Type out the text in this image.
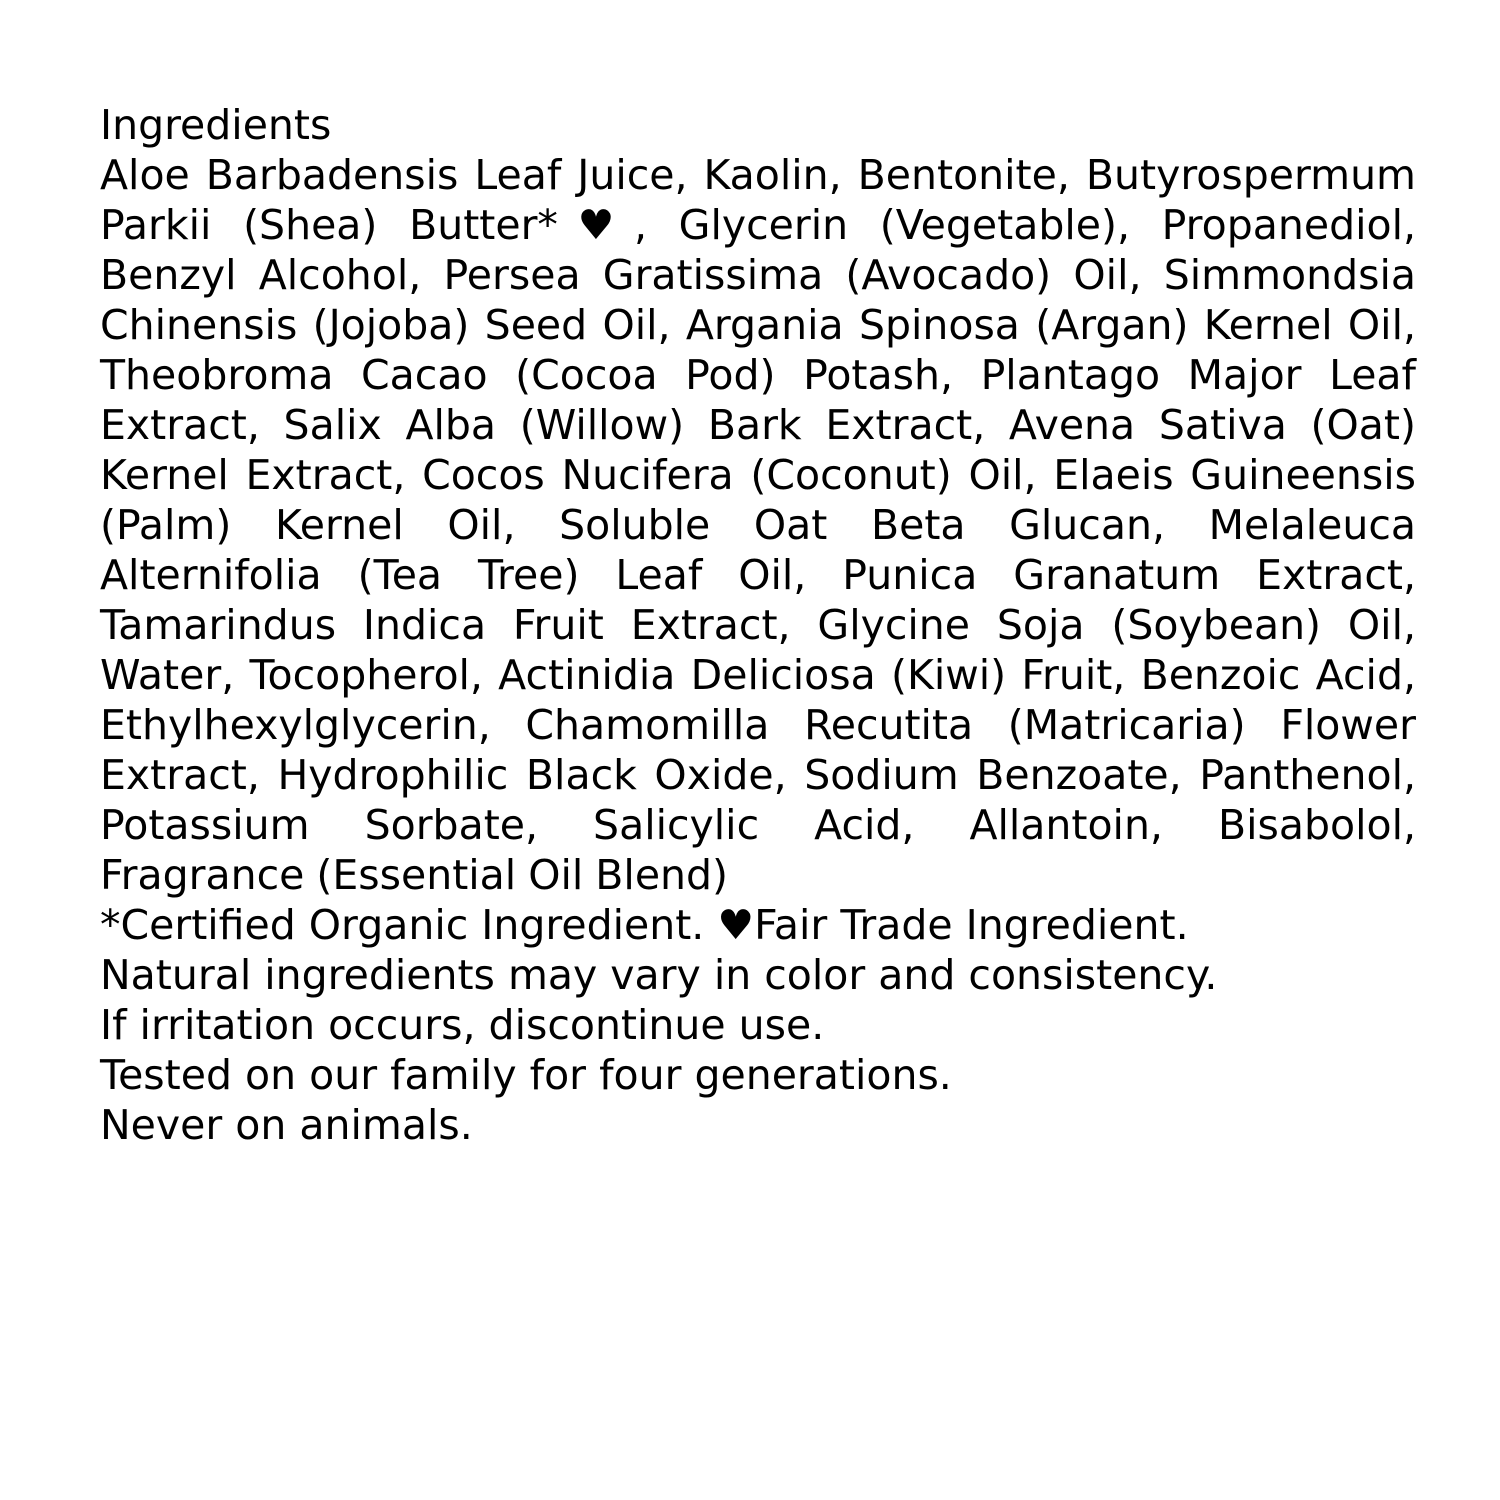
Ingredients

Aloe Barbadensis Leaf Juice, Kaolin, Bentonite, Butyrospermum Parkii (Shea) Butter*♥, Glycerin (Vegetable), Propanediol, Benzyl Alcohol, Persea Gratissima (Avocado) Oil, Simmondsia Chinensis (Jojoba) Seed Oil, Argania Spinosa (Argan) Kernel Oil, Theobroma Cacao (Cocoa Pod) Potash, Plantago Major Leaf Extract, Salix Alba (Willow) Bark Extract, Avena Sativa (Oat) Kernel Extract, Cocos Nucifera (Coconut) Oil, Elaeis Guineensis (Palm) Kernel Oil, Soluble Oat Beta Glucan, Melaleuca Alternifolia (Tea Tree) Leaf Oil, Punica Granatum Extract, Tamarindus Indica Fruit Extract, Glycine Soja (Soybean) Oil, Water, Tocopherol, Actinidia Deliciosa (Kiwi) Fruit, Benzoic Acid, Ethylhexylglycerin, Chamomilla Recutita (Matricaria) Flower Extract, Hydrophilic Black Oxide, Sodium Benzoate, Panthenol, Potassium Sorbate, Salicylic Acid, Allantoin, Bisabolol, Fragrance (Essential Oil Blend)

*Certified Organic Ingredient. ♥Fair Trade Ingredient.
Natural ingredients may vary in color and consistency.
If irritation occurs, discontinue use.
Tested on our family for four generations.
Never on animals.
